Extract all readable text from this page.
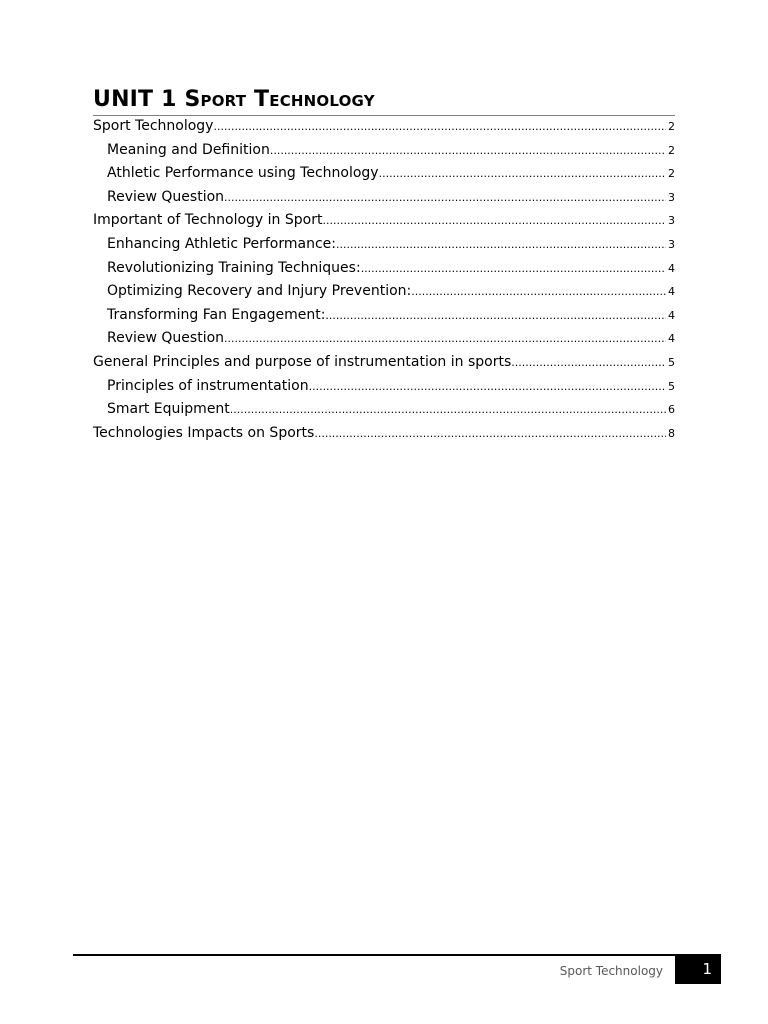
UNIT 1 Sport Technology
Sport Technology .....	2
Meaning and Definition .....	2
Athletic Performance using Technology .....	2
Review Question .....	3
Important of Technology in Sport .....	3
Enhancing Athletic Performance: .....	3
Revolutionizing Training Techniques: .....	4
Optimizing Recovery and Injury Prevention: .....	4
Transforming Fan Engagement: .....	4
Review Question .....	4
General Principles and purpose of instrumentation in sports .....	5
Principles of instrumentation .....	5
Smart Equipment .....	6
Technologies Impacts on Sports .....	8
Sport Technology	1
